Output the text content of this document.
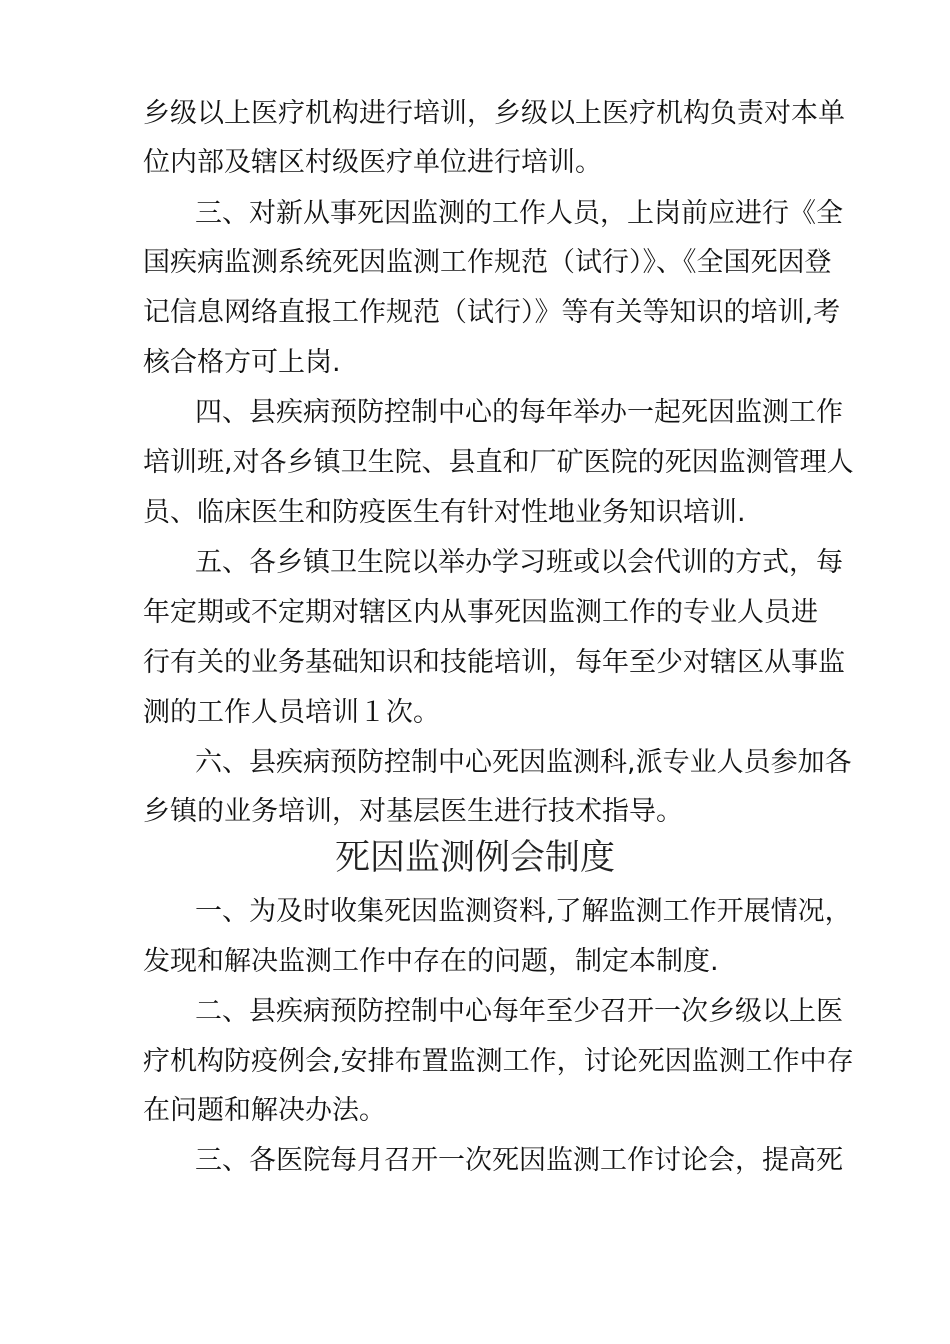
乡级以上医疗机构进行培训，乡级以上医疗机构负责对本单
位内部及辖区村级医疗单位进行培训。
三、对新从事死因监测的工作人员，上岗前应进行《全
国疾病监测系统死因监测工作规范（试行）》、《全国死因登
记信息网络直报工作规范（试行）》等有关等知识的培训,考
核合格方可上岗.
四、县疾病预防控制中心的每年举办一起死因监测工作
培训班,对各乡镇卫生院、县直和厂矿医院的死因监测管理人
员、临床医生和防疫医生有针对性地业务知识培训.
五、各乡镇卫生院以举办学习班或以会代训的方式，每
年定期或不定期对辖区内从事死因监测工作的专业人员进
行有关的业务基础知识和技能培训，每年至少对辖区从事监
测的工作人员培训１次。
六、县疾病预防控制中心死因监测科,派专业人员参加各
乡镇的业务培训，对基层医生进行技术指导。
死因监测例会制度
一、为及时收集死因监测资料,了解监测工作开展情况，
发现和解决监测工作中存在的问题，制定本制度.
二、县疾病预防控制中心每年至少召开一次乡级以上医
疗机构防疫例会,安排布置监测工作，讨论死因监测工作中存
在问题和解决办法。
三、各医院每月召开一次死因监测工作讨论会，提高死
